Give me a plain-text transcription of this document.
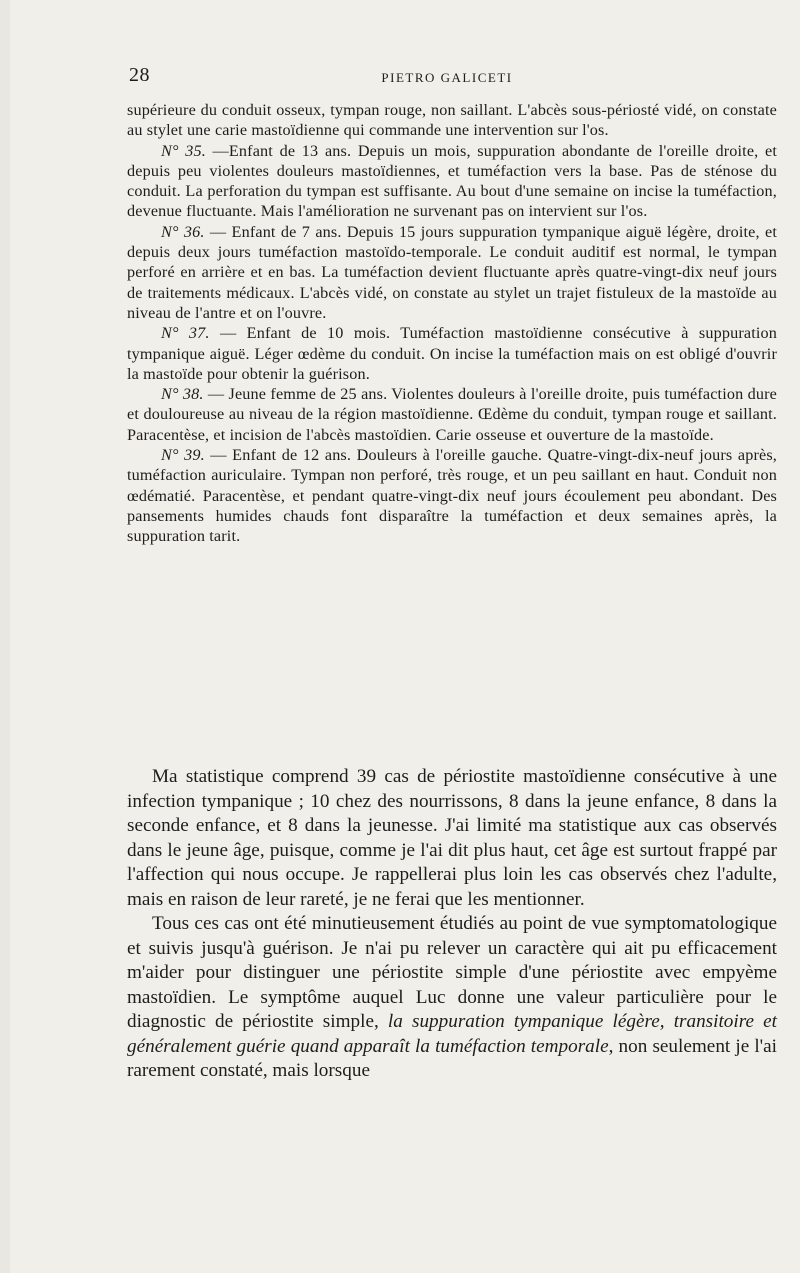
28	PIETRO GALICETI

supérieure du conduit osseux, tympan rouge, non saillant. L'abcès sous-périosté vidé, on constate au stylet une carie mastoïdienne qui commande une intervention sur l'os.

N° 35. —Enfant de 13 ans. Depuis un mois, suppuration abondante de l'oreille droite, et depuis peu violentes douleurs mastoïdiennes, et tuméfaction vers la base. Pas de sténose du conduit. La perforation du tympan est suffisante. Au bout d'une semaine on incise la tuméfaction, devenue fluctuante. Mais l'amélioration ne survenant pas on intervient sur l'os.

N° 36. — Enfant de 7 ans. Depuis 15 jours suppuration tympanique aiguë légère, droite, et depuis deux jours tuméfaction mastoïdo-temporale. Le conduit auditif est normal, le tympan perforé en arrière et en bas. La tuméfaction devient fluctuante après quatre-vingt-dix neuf jours de traitements médicaux. L'abcès vidé, on constate au stylet un trajet fistuleux de la mastoïde au niveau de l'antre et on l'ouvre.

N° 37. — Enfant de 10 mois. Tuméfaction mastoïdienne consécutive à suppuration tympanique aiguë. Léger œdème du conduit. On incise la tuméfaction mais on est obligé d'ouvrir la mastoïde pour obtenir la guérison.

N° 38. — Jeune femme de 25 ans. Violentes douleurs à l'oreille droite, puis tuméfaction dure et douloureuse au niveau de la région mastoïdienne. Œdème du conduit, tympan rouge et saillant. Paracentèse, et incision de l'abcès mastoïdien. Carie osseuse et ouverture de la mastoïde.

N° 39. — Enfant de 12 ans. Douleurs à l'oreille gauche. Quatre-vingt-dix-neuf jours après, tuméfaction auriculaire. Tympan non perforé, très rouge, et un peu saillant en haut. Conduit non œdématié. Paracentèse, et pendant quatre-vingt-dix neuf jours écoulement peu abondant. Des pansements humides chauds font disparaître la tuméfaction et deux semaines après, la suppuration tarit.

Ma statistique comprend 39 cas de périostite mastoïdienne consécutive à une infection tympanique ; 10 chez des nourrissons, 8 dans la jeune enfance, 8 dans la seconde enfance, et 8 dans la jeunesse. J'ai limité ma statistique aux cas observés dans le jeune âge, puisque, comme je l'ai dit plus haut, cet âge est surtout frappé par l'affection qui nous occupe. Je rappellerai plus loin les cas observés chez l'adulte, mais en raison de leur rareté, je ne ferai que les mentionner.

Tous ces cas ont été minutieusement étudiés au point de vue symptomatologique et suivis jusqu'à guérison. Je n'ai pu relever un caractère qui ait pu efficacement m'aider pour distinguer une périostite simple d'une périostite avec empyème mastoïdien. Le symptôme auquel Luc donne une valeur particulière pour le diagnostic de périostite simple, la suppuration tympanique légère, transitoire et généralement guérie quand apparaît la tuméfaction temporale, non seulement je l'ai rarement constaté, mais lorsque
